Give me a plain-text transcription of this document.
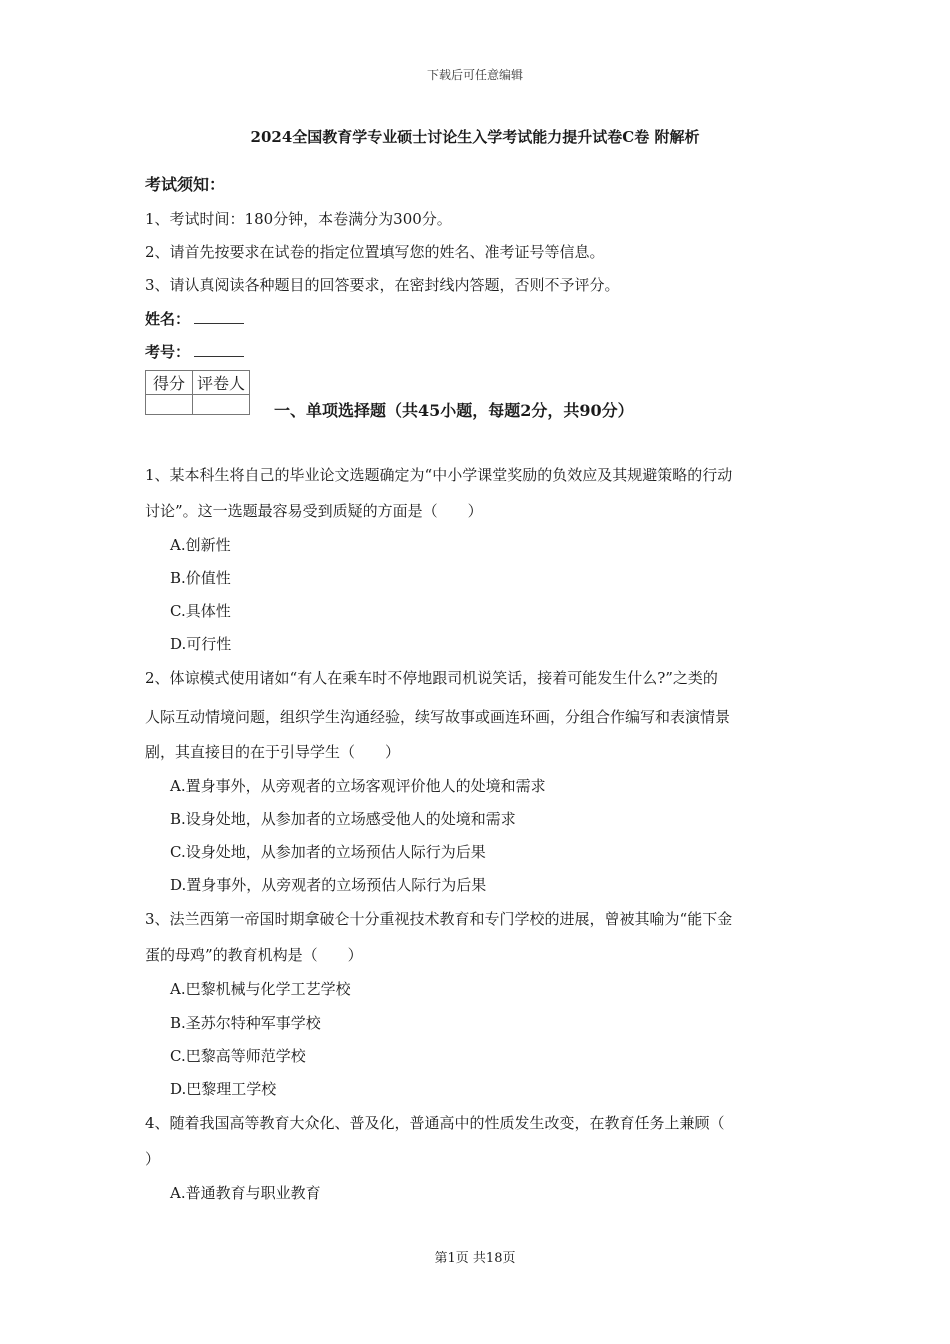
下载后可任意编辑
2024全国教育学专业硕士讨论生入学考试能力提升试卷C卷 附解析
考试须知：
1、考试时间：180分钟，本卷满分为300分。
2、请首先按要求在试卷的指定位置填写您的姓名、准考证号等信息。
3、请认真阅读各种题目的回答要求，在密封线内答题，否则不予评分。
姓名：
考号：
得分	评卷人

一、单项选择题（共45小题，每题2分，共90分）
1、某本科生将自己的毕业论文选题确定为“中小学课堂奖励的负效应及其规避策略的行动
讨论”。这一选题最容易受到质疑的方面是（　　）
A.创新性
B.价值性
C.具体性
D.可行性
2、体谅模式使用诸如“有人在乘车时不停地跟司机说笑话，接着可能发生什么?”之类的
人际互动情境问题，组织学生沟通经验，续写故事或画连环画，分组合作编写和表演情景
剧，其直接目的在于引导学生（　　）
A.置身事外，从旁观者的立场客观评价他人的处境和需求
B.设身处地，从参加者的立场感受他人的处境和需求
C.设身处地，从参加者的立场预估人际行为后果
D.置身事外，从旁观者的立场预估人际行为后果
3、法兰西第一帝国时期拿破仑十分重视技术教育和专门学校的进展，曾被其喻为“能下金
蛋的母鸡”的教育机构是（　　）
A.巴黎机械与化学工艺学校
B.圣苏尔特种军事学校
C.巴黎高等师范学校
D.巴黎理工学校
4、随着我国高等教育大众化、普及化，普通高中的性质发生改变，在教育任务上兼顾（
）
A.普通教育与职业教育
第1页 共18页
